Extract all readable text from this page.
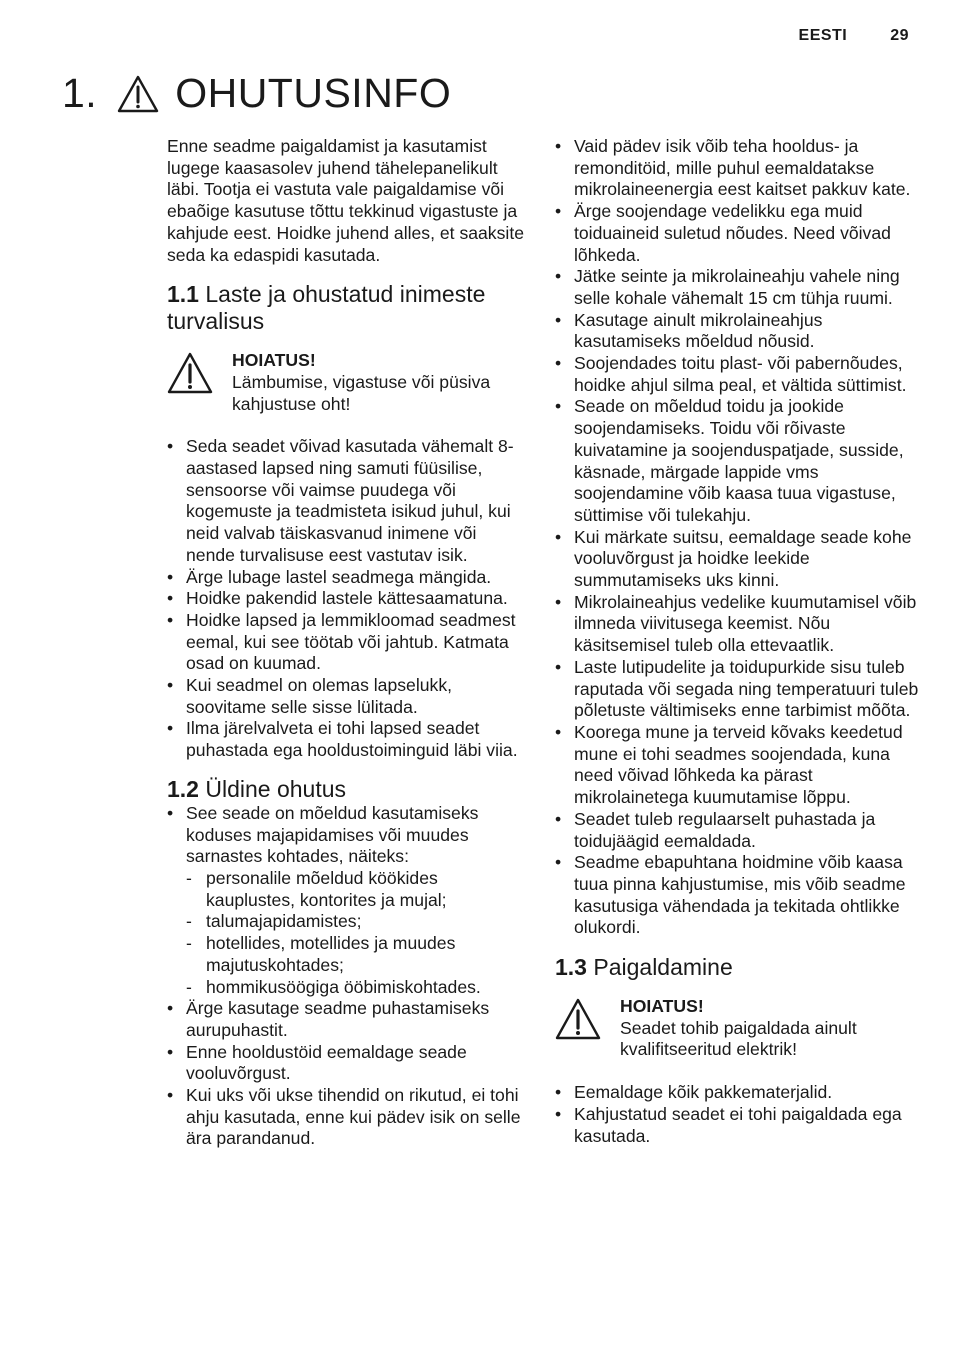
EESTI	29
1. OHUTUSINFO

Enne seadme paigaldamist ja kasutamist lugege kaasasolev juhend tähelepanelikult läbi. Tootja ei vastuta vale paigaldamise või ebaõige kasutuse tõttu tekkinud vigastuste ja kahjude eest. Hoidke juhend alles, et saaksite seda ka edaspidi kasutada.

1.1 Laste ja ohustatud inimeste turvalisus
HOIATUS!
Lämbumise, vigastuse või püsiva kahjustuse oht!
• Seda seadet võivad kasutada vähemalt 8-aastased lapsed ning samuti füüsilise, sensoorse või vaimse puudega või kogemuste ja teadmisteta isikud juhul, kui neid valvab täiskasvanud inimene või nende turvalisuse eest vastutav isik.
• Ärge lubage lastel seadmega mängida.
• Hoidke pakendid lastele kättesaamatuna.
• Hoidke lapsed ja lemmikloomad seadmest eemal, kui see töötab või jahtub. Katmata osad on kuumad.
• Kui seadmel on olemas lapselukk, soovitame selle sisse lülitada.
• Ilma järelvalveta ei tohi lapsed seadet puhastada ega hooldustoiminguid läbi viia.
1.2 Üldine ohutus
• See seade on mõeldud kasutamiseks koduses majapidamises või muudes sarnastes kohtades, näiteks:
- personalile mõeldud köökides kauplustes, kontorites ja mujal;
- talumajapidamistes;
- hotellides, motellides ja muudes majutuskohtades;
- hommikusöögiga ööbimiskohtades.
• Ärge kasutage seadme puhastamiseks aurupuhastit.
• Enne hooldustöid eemaldage seade vooluvõrgust.
• Kui uks või ukse tihendid on rikutud, ei tohi ahju kasutada, enne kui pädev isik on selle ära parandanud.
• Vaid pädev isik võib teha hooldus- ja remonditöid, mille puhul eemaldatakse mikrolaineenergia eest kaitset pakkuv kate.
• Ärge soojendage vedelikku ega muid toiduaineid suletud nõudes. Need võivad lõhkeda.
• Jätke seinte ja mikrolaineahju vahele ning selle kohale vähemalt 15 cm tühja ruumi.
• Kasutage ainult mikrolaineahjus kasutamiseks mõeldud nõusid.
• Soojendades toitu plast- või pabernõudes, hoidke ahjul silma peal, et vältida süttimist.
• Seade on mõeldud toidu ja jookide soojendamiseks. Toidu või rõivaste kuivatamine ja soojenduspatjade, susside, käsnade, märgade lappide vms soojendamine võib kaasa tuua vigastuse, süttimise või tulekahju.
• Kui märkate suitsu, eemaldage seade kohe vooluvõrgust ja hoidke leekide summutamiseks uks kinni.
• Mikrolaineahjus vedelike kuumutamisel võib ilmneda viivitusega keemist. Nõu käsitsemisel tuleb olla ettevaatlik.
• Laste lutipudelite ja toidupurkide sisu tuleb raputada või segada ning temperatuuri tuleb põletuste vältimiseks enne tarbimist mõõta.
• Koorega mune ja terveid kõvaks keedetud mune ei tohi seadmes soojendada, kuna need võivad lõhkeda ka pärast mikrolainetega kuumutamise lõppu.
• Seadet tuleb regulaarselt puhastada ja toidujäägid eemaldada.
• Seadme ebapuhtana hoidmine võib kaasa tuua pinna kahjustumise, mis võib seadme kasutusiga vähendada ja tekitada ohtlikke olukordi.
1.3 Paigaldamine
HOIATUS!
Seadet tohib paigaldada ainult kvalifitseeritud elektrik!
• Eemaldage kõik pakkematerjalid.
• Kahjustatud seadet ei tohi paigaldada ega kasutada.
